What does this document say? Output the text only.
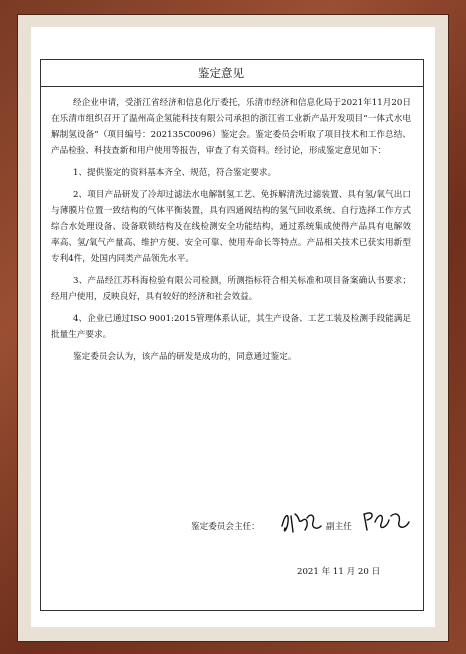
鉴定意见

经企业申请，受浙江省经济和信息化厅委托，乐清市经济和信息化局于2021年11月20日在乐清市组织召开了温州高企氢能科技有限公司承担的浙江省工业新产品开发项目“一体式水电解制氢设备”（项目编号：202135C0096）鉴定会。鉴定委员会听取了项目技术和工作总结、产品检验、科技查新和用户使用等报告，审查了有关资料。经讨论，形成鉴定意见如下：

1、提供鉴定的资料基本齐全、规范，符合鉴定要求。

2、项目产品研发了冷却过滤法水电解制氢工艺、免拆解清洗过滤装置、具有氢/氧气出口与薄膜片位置一致结构的气体平衡装置，具有四通阀结构的氢气回收系统、自行选择工作方式综合水处理设备、设备联锁结构及在线检测安全功能结构，通过系统集成使得产品具有电解效率高、氢/氧气产量高、维护方便、安全可靠、使用寿命长等特点。产品相关技术已获实用新型专利4件，处国内同类产品领先水平。

3、产品经江苏科海检验有限公司检测，所测指标符合相关标准和项目备案确认书要求；经用户使用，反映良好，具有较好的经济和社会效益。

4、企业已通过ISO 9001:2015管理体系认证，其生产设备、工艺工装及检测手段能满足批量生产要求。

鉴定委员会认为，该产品的研发是成功的，同意通过鉴定。

鉴定委员会主任：	副主任
2021 年 11 月 20 日
